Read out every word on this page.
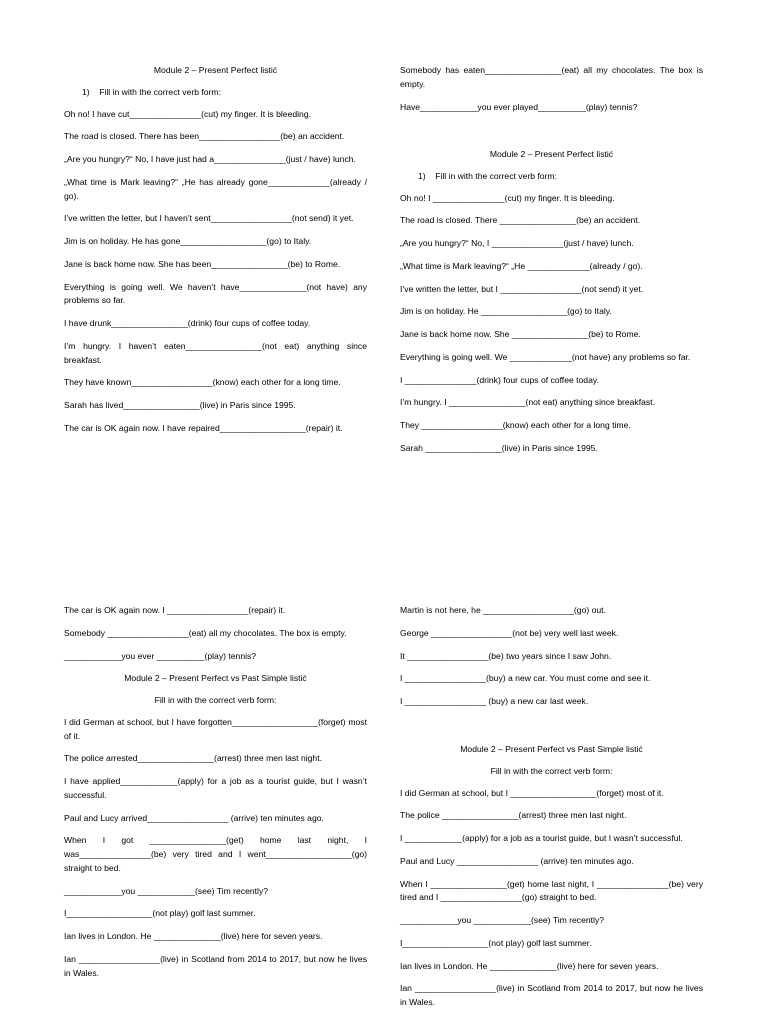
Module 2 – Present Perfect listić

1)    Fill in with the correct verb form:

Oh no! I have cut_______________(cut) my finger. It is bleeding.

The road is closed. There has been_________________(be) an accident.

„Are you hungry?“ No, I have just had a_______________(just / have) lunch.

„What time is Mark leaving?“ „He has already gone_____________(already / go).

I’ve written the letter, but I haven’t sent_________________(not send) it yet.

Jim is on holiday. He has gone__________________(go) to Italy.

Jane is back home now. She has been________________(be) to Rome.

Everything is going well. We haven’t have______________(not have) any problems so far.

I have drunk________________(drink) four cups of coffee today.

I’m hungry. I haven’t eaten________________(not eat) anything since breakfast.

They have known_________________(know) each other for a long time.

Sarah has lived________________(live) in Paris since 1995.

The car is OK again now. I have repaired__________________(repair) it.

Somebody has eaten________________(eat) all my chocolates. The box is empty.

Have____________you ever played__________(play) tennis?

Module 2 – Present Perfect listić

1)    Fill in with the correct verb form:

Oh no! I _______________(cut) my finger. It is bleeding.

The road is closed. There ________________(be) an accident.

„Are you hungry?“ No, I _______________(just / have) lunch.

„What time is Mark leaving?“ „He _____________(already / go).

I’ve written the letter, but I _________________(not send) it yet.

Jim is on holiday. He __________________(go) to Italy.

Jane is back home now. She ________________(be) to Rome.

Everything is going well. We _____________(not have) any problems so far.

I _______________(drink) four cups of coffee today.

I’m hungry. I ________________(not eat) anything since breakfast.

They _________________(know) each other for a long time.

Sarah ________________(live) in Paris since 1995.

The car is OK again now. I _________________(repair) it.

Somebody _________________(eat) all my chocolates. The box is empty.

____________you ever __________(play) tennis?

Module 2 – Present Perfect vs Past Simple listić

Fill in with the correct verb form:

I did German at school, but I have forgotten__________________(forget) most of it.

The police arrested________________(arrest) three men last night.

I have applied____________(apply) for a job as a tourist guide, but I wasn’t successful.

Paul and Lucy arrived_________________ (arrive) ten minutes ago.

When I got ________________(get) home last night, I was_______________(be) very tired and I went__________________(go) straight to bed.

____________you ____________(see) Tim recently?

I__________________(not play) golf last summer.

Ian lives in London. He ______________(live) here for seven years.

Ian _________________(live) in Scotland from 2014 to 2017, but now he lives in Wales.

Martin is not here, he ___________________(go) out.

George _________________(not be) very well last week.

It _________________(be) two years since I saw John.

I _________________(buy) a new car. You must come and see it.

I _________________ (buy) a new car last week.

Module 2 – Present Perfect vs Past Simple listić

Fill in with the correct verb form:

I did German at school, but I __________________(forget) most of it.

The police ________________(arrest) three men last night.

I ____________(apply) for a job as a tourist guide, but I wasn’t successful.

Paul and Lucy _________________ (arrive) ten minutes ago.

When I ________________(get) home last night, I _______________(be) very tired and I _________________(go) straight to bed.

____________you ____________(see) Tim recently?

I__________________(not play) golf last summer.

Ian lives in London. He ______________(live) here for seven years.

Ian _________________(live) in Scotland from 2014 to 2017, but now he lives in Wales.
